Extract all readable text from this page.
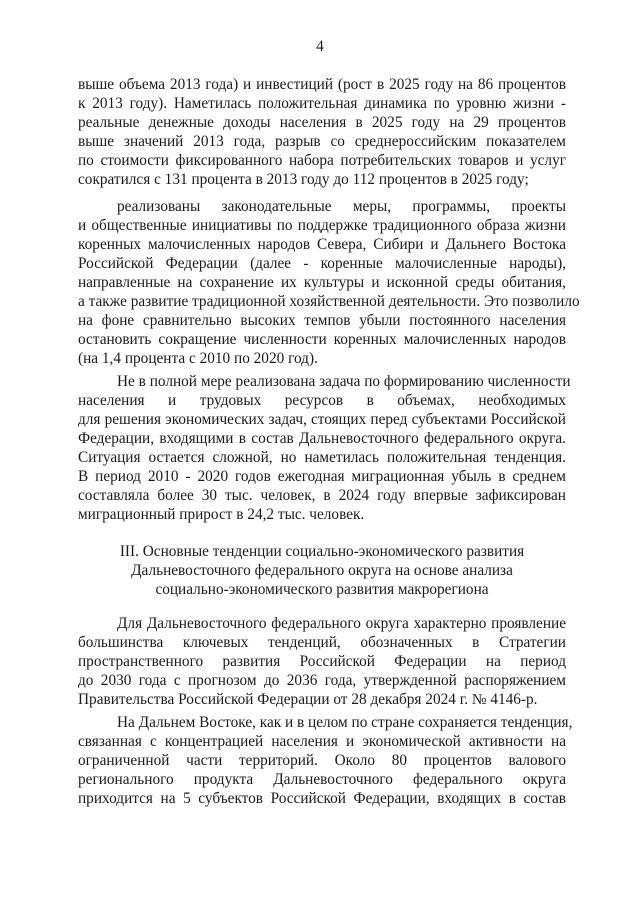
4
выше объема 2013 года) и инвестиций (рост в 2025 году на 86 процентов
к 2013 году). Наметилась положительная динамика по уровню жизни -
реальные денежные доходы населения в 2025 году на 29 процентов
выше значений 2013 года, разрыв со среднероссийским показателем
по стоимости фиксированного набора потребительских товаров и услуг
сократился с 131 процента в 2013 году до 112 процентов в 2025 году;
реализованы законодательные меры, программы, проекты
и общественные инициативы по поддержке традиционного образа жизни
коренных малочисленных народов Севера, Сибири и Дальнего Востока
Российской Федерации (далее - коренные малочисленные народы),
направленные на сохранение их культуры и исконной среды обитания,
а также развитие традиционной хозяйственной деятельности. Это позволило
на фоне сравнительно высоких темпов убыли постоянного населения
остановить сокращение численности коренных малочисленных народов
(на 1,4 процента с 2010 по 2020 год).
Не в полной мере реализована задача по формированию численности
населения и трудовых ресурсов в объемах, необходимых
для решения экономических задач, стоящих перед субъектами Российской
Федерации, входящими в состав Дальневосточного федерального округа.
Ситуация остается сложной, но наметилась положительная тенденция.
В период 2010 - 2020 годов ежегодная миграционная убыль в среднем
составляла более 30 тыс. человек, в 2024 году впервые зафиксирован
миграционный прирост в 24,2 тыс. человек.
III. Основные тенденции социально-экономического развития
Дальневосточного федерального округа на основе анализа
социально-экономического развития макрорегиона
Для Дальневосточного федерального округа характерно проявление
большинства ключевых тенденций, обозначенных в Стратегии
пространственного развития Российской Федерации на период
до 2030 года с прогнозом до 2036 года, утвержденной распоряжением
Правительства Российской Федерации от 28 декабря 2024 г. № 4146-р.
На Дальнем Востоке, как и в целом по стране сохраняется тенденция,
связанная с концентрацией населения и экономической активности на
ограниченной части территорий. Около 80 процентов валового
регионального продукта Дальневосточного федерального округа
приходится на 5 субъектов Российской Федерации, входящих в состав
